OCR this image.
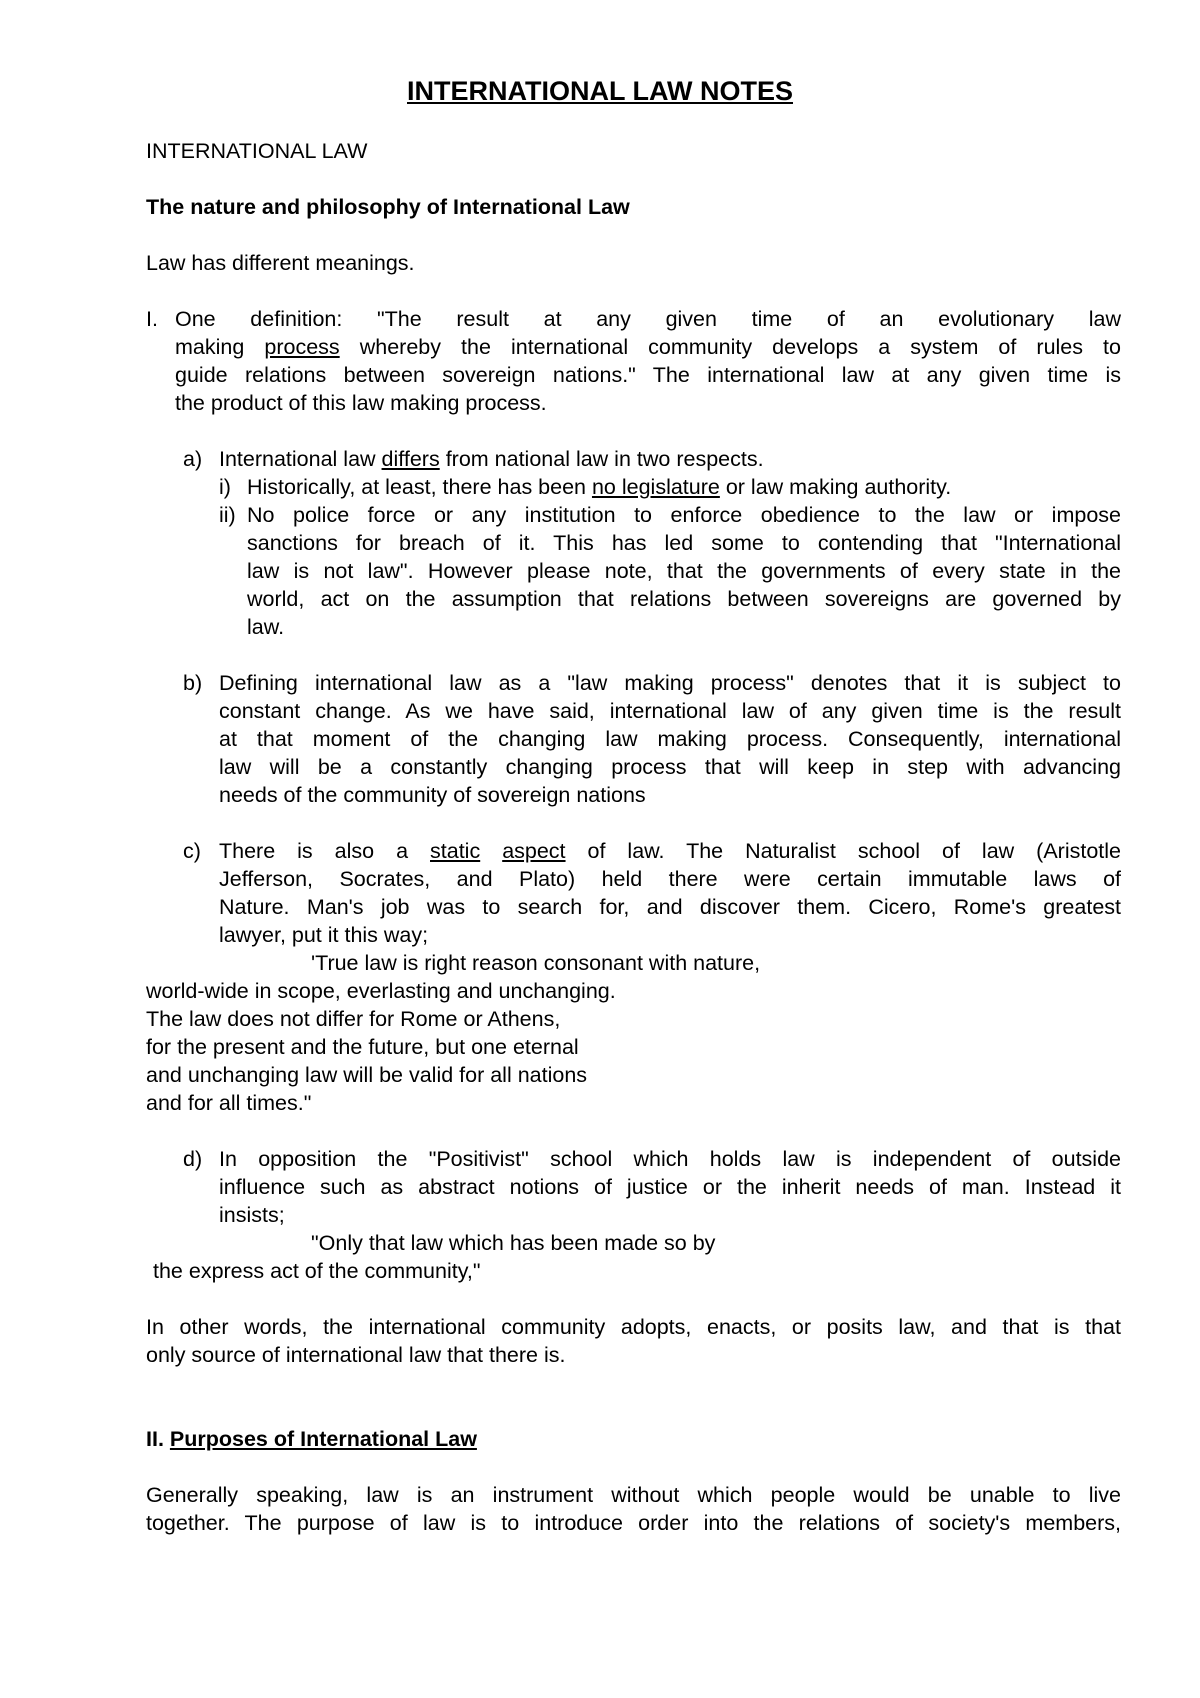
INTERNATIONAL LAW NOTES
INTERNATIONAL LAW
The nature and philosophy of International Law
Law has different meanings.
I. One definition: "The result at any given time of an evolutionary law
making process whereby the international community develops a system of rules to
guide relations between sovereign nations." The international law at any given time is
the product of this law making process.
a) International law differs from national law in two respects.
i) Historically, at least, there has been no legislature or law making authority.
ii) No police force or any institution to enforce obedience to the law or impose
sanctions for breach of it. This has led some to contending that "International
law is not law". However please note, that the governments of every state in the
world, act on the assumption that relations between sovereigns are governed by
law.
b) Defining international law as a "law making process" denotes that it is subject to
constant change. As we have said, international law of any given time is the result
at that moment of the changing law making process. Consequently, international
law will be a constantly changing process that will keep in step with advancing
needs of the community of sovereign nations
c) There is also a static aspect of law. The Naturalist school of law (Aristotle
Jefferson, Socrates, and Plato) held there were certain immutable laws of
Nature. Man's job was to search for, and discover them. Cicero, Rome's greatest
lawyer, put it this way;
'True law is right reason consonant with nature,
world-wide in scope, everlasting and unchanging.
The law does not differ for Rome or Athens,
for the present and the future, but one eternal
and unchanging law will be valid for all nations
and for all times."
d) In opposition the "Positivist" school which holds law is independent of outside
influence such as abstract notions of justice or the inherit needs of man. Instead it
insists;
"Only that law which has been made so by
the express act of the community,"
In other words, the international community adopts, enacts, or posits law, and that is that
only source of international law that there is.
II. Purposes of International Law
Generally speaking, law is an instrument without which people would be unable to live
together. The purpose of law is to introduce order into the relations of society's members,
